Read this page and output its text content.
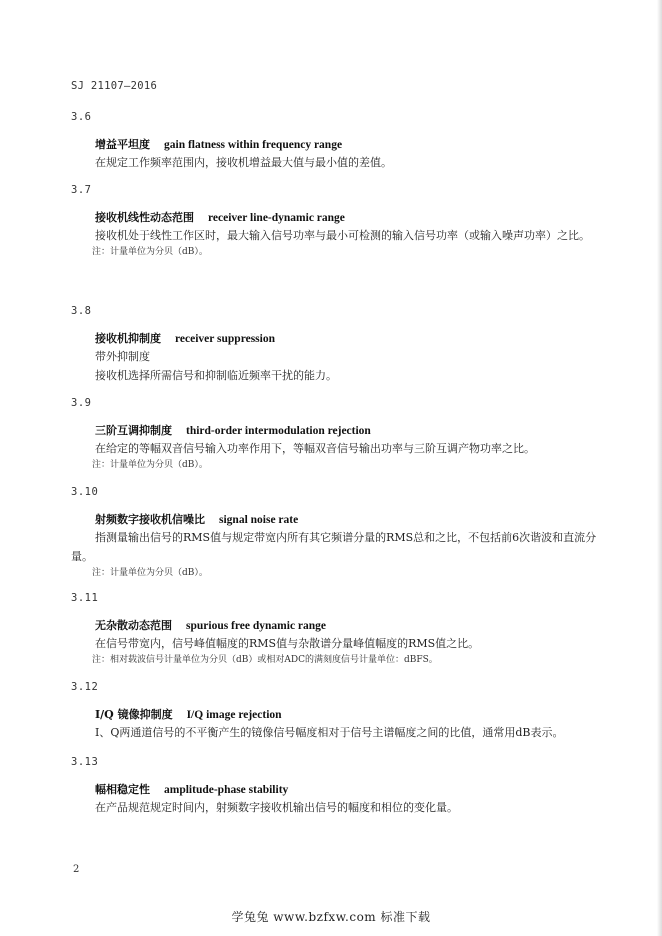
SJ 21107—2016
3.6
增益平坦度 gain flatness within frequency range
在规定工作频率范围内，接收机增益最大值与最小值的差值。
3.7
接收机线性动态范围 receiver line-dynamic range
接收机处于线性工作区时，最大输入信号功率与最小可检测的输入信号功率（或输入噪声功率）之比。
注：计量单位为分贝（dB）。
3.8
接收机抑制度 receiver suppression
带外抑制度
接收机选择所需信号和抑制临近频率干扰的能力。
3.9
三阶互调抑制度 third-order intermodulation rejection
在给定的等幅双音信号输入功率作用下，等幅双音信号输出功率与三阶互调产物功率之比。
注：计量单位为分贝（dB）。
3.10
射频数字接收机信噪比 signal noise rate
指测量输出信号的RMS值与规定带宽内所有其它频谱分量的RMS总和之比，不包括前6次谐波和直流分量。
注：计量单位为分贝（dB）。
3.11
无杂散动态范围 spurious free dynamic range
在信号带宽内，信号峰值幅度的RMS值与杂散谱分量峰值幅度的RMS值之比。
注：相对载波信号计量单位为分贝（dB）或相对ADC的满刻度信号计量单位：dBFS。
3.12
I/Q 镜像抑制度 I/Q image rejection
I、Q两通道信号的不平衡产生的镜像信号幅度相对于信号主谱幅度之间的比值，通常用dB表示。
3.13
幅相稳定性 amplitude-phase stability
在产品规范规定时间内，射频数字接收机输出信号的幅度和相位的变化量。
2
学兔兔 www.bzfxw.com 标准下载
